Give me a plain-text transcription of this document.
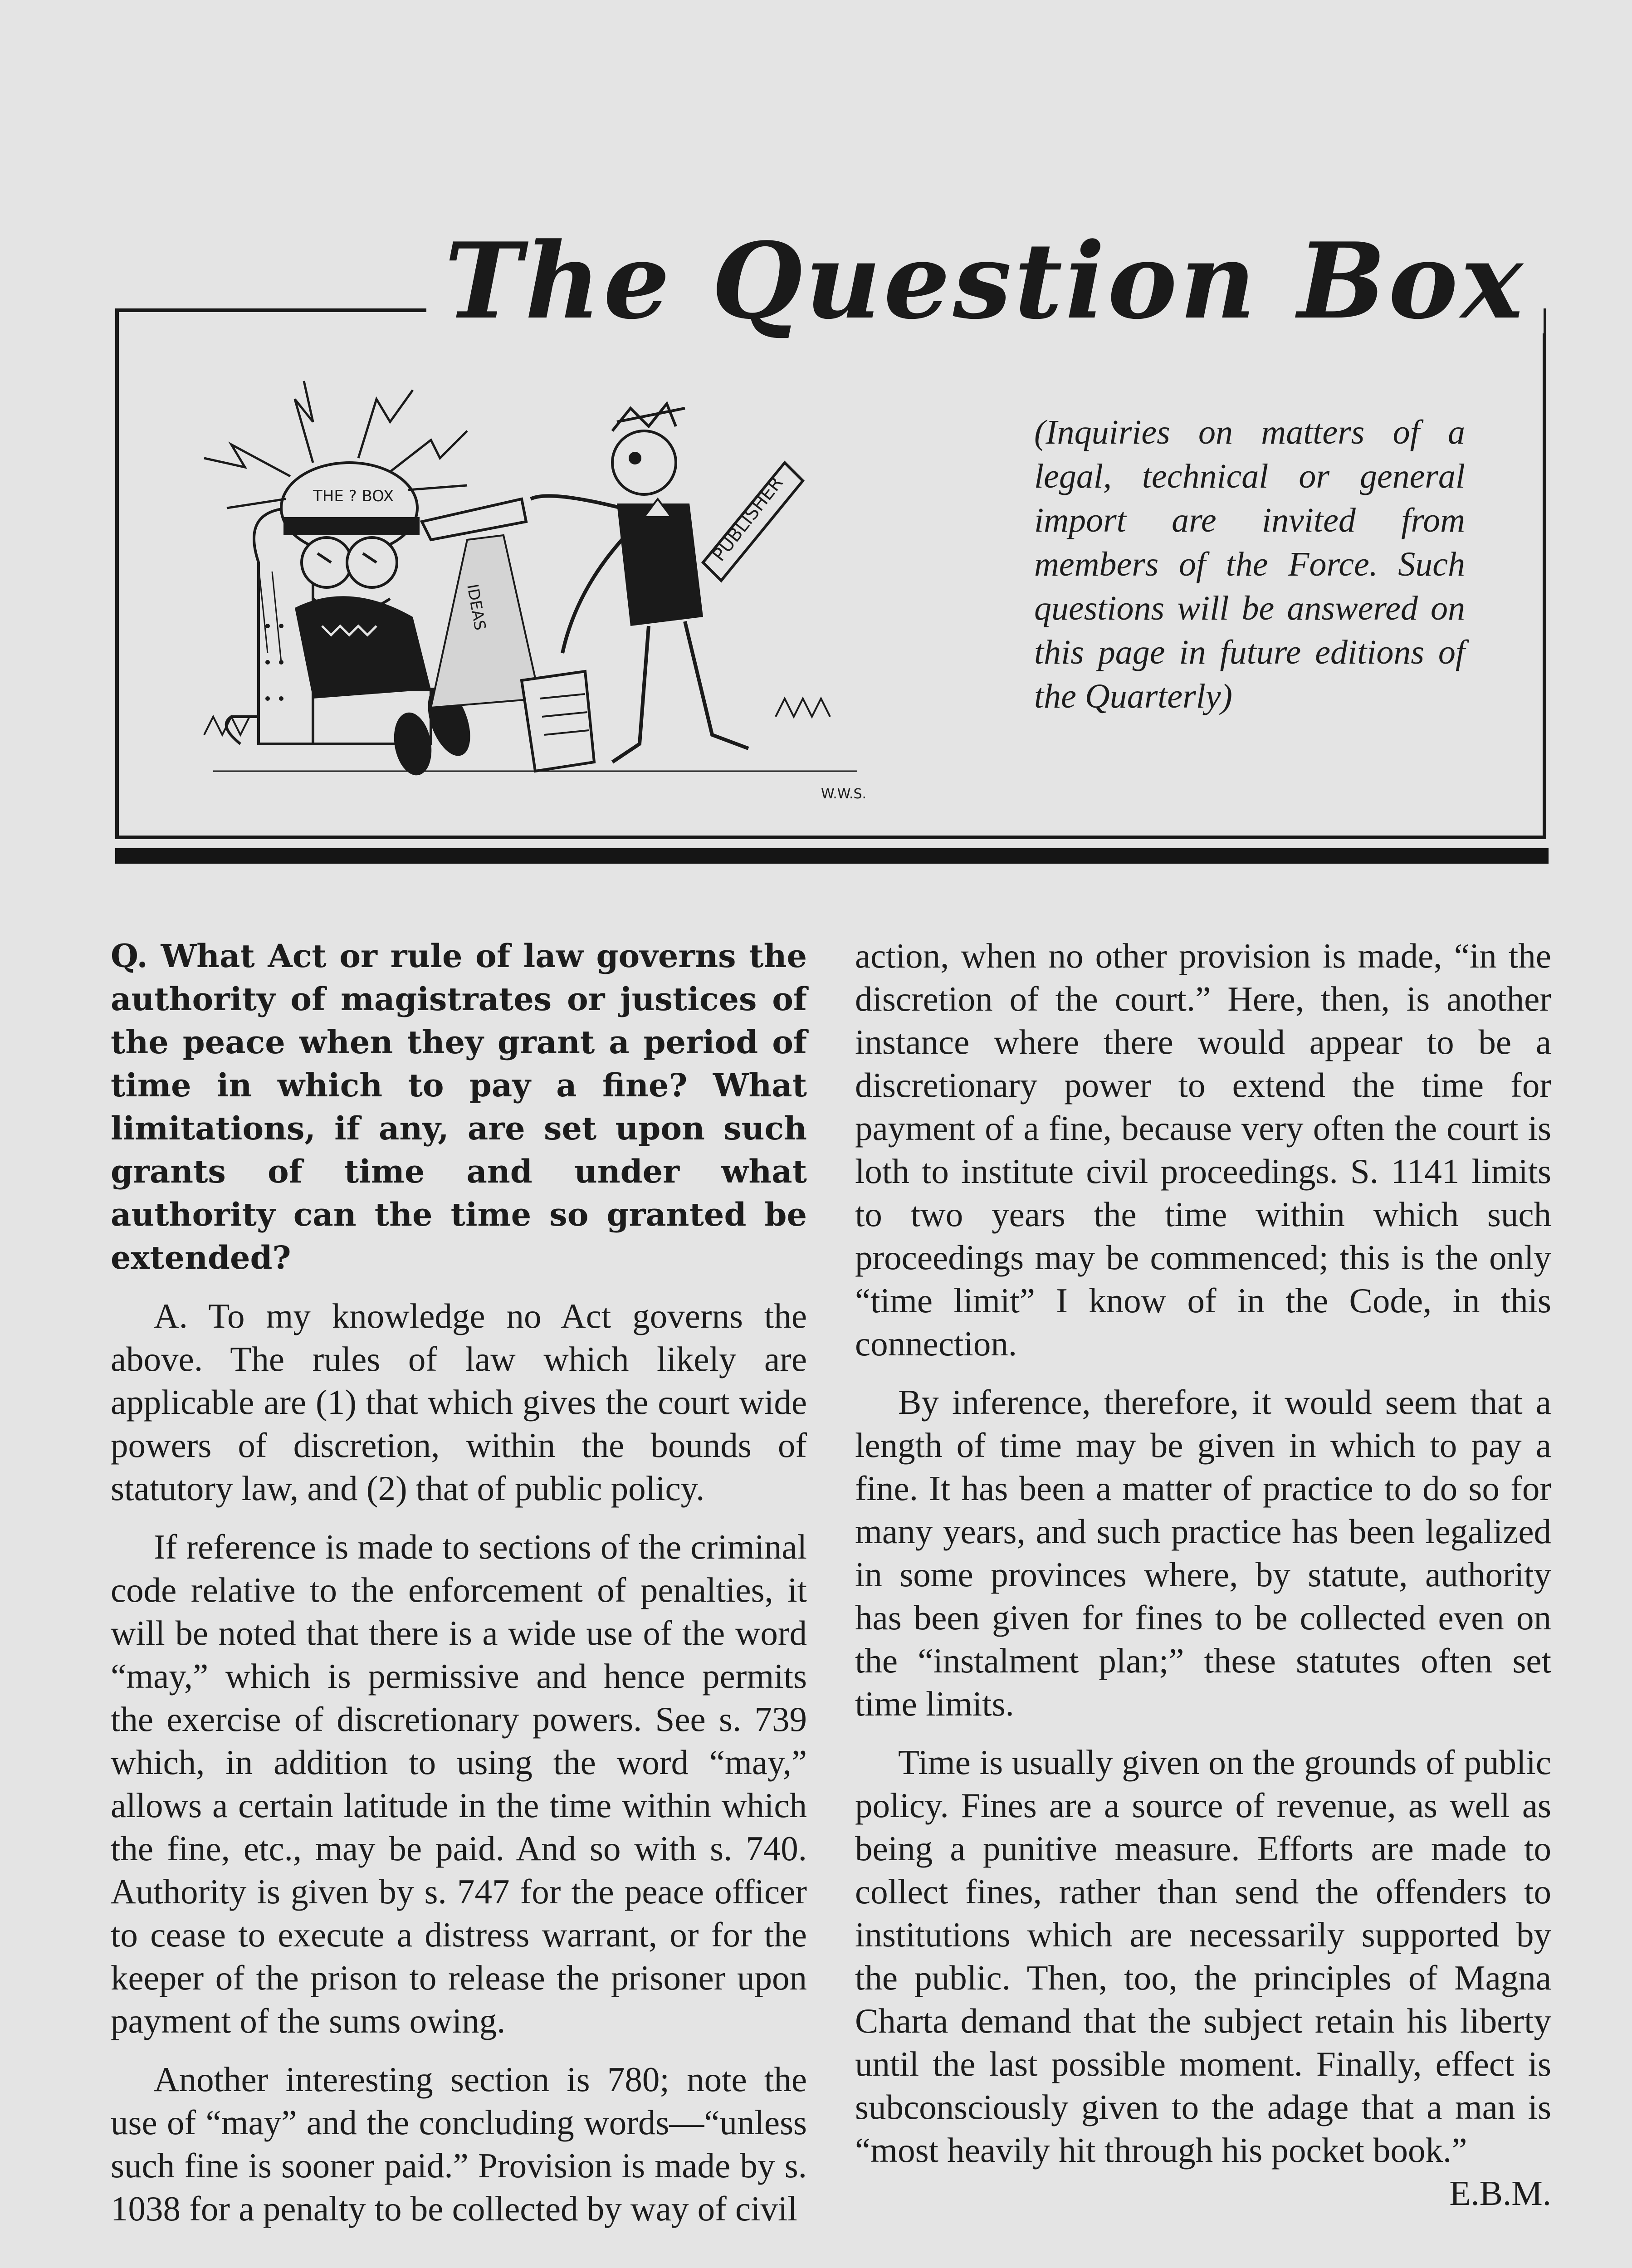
The Question Box
THE ? BOX
IDEAS
PUBLISHER
W.W.S.
(Inquiries on matters of a legal, technical or general import are invited from members of the Force. Such questions will be answered on this page in future editions of the Quarterly)

Q. What Act or rule of law governs the authority of magistrates or justices of the peace when they grant a period of time in which to pay a fine? What limitations, if any, are set upon such grants of time and under what authority can the time so granted be extended?

A. To my knowledge no Act governs the above. The rules of law which likely are applicable are (1) that which gives the court wide powers of discretion, within the bounds of statutory law, and (2) that of public policy.

If reference is made to sections of the criminal code relative to the enforcement of penalties, it will be noted that there is a wide use of the word “may,” which is permissive and hence permits the exercise of discretionary powers. See s. 739 which, in addition to using the word “may,” allows a certain latitude in the time within which the fine, etc., may be paid. And so with s. 740. Authority is given by s. 747 for the peace officer to cease to execute a distress warrant, or for the keeper of the prison to release the prisoner upon payment of the sums owing.

Another interesting section is 780; note the use of “may” and the concluding words—“unless such fine is sooner paid.” Provision is made by s. 1038 for a penalty to be collected by way of civil

action, when no other provision is made, “in the discretion of the court.” Here, then, is another instance where there would appear to be a discretionary power to extend the time for payment of a fine, because very often the court is loth to institute civil proceedings. S. 1141 limits to two years the time within which such proceedings may be commenced; this is the only “time limit” I know of in the Code, in this connection.

By inference, therefore, it would seem that a length of time may be given in which to pay a fine. It has been a matter of practice to do so for many years, and such practice has been legalized in some provinces where, by statute, authority has been given for fines to be collected even on the “instalment plan;” these statutes often set time limits.

Time is usually given on the grounds of public policy. Fines are a source of revenue, as well as being a punitive measure. Efforts are made to collect fines, rather than send the offenders to institutions which are necessarily supported by the public. Then, too, the principles of Magna Charta demand that the subject retain his liberty until the last possible moment. Finally, effect is subconsciously given to the adage that a man is “most heavily hit through his pocket book.”
E.B.M.
